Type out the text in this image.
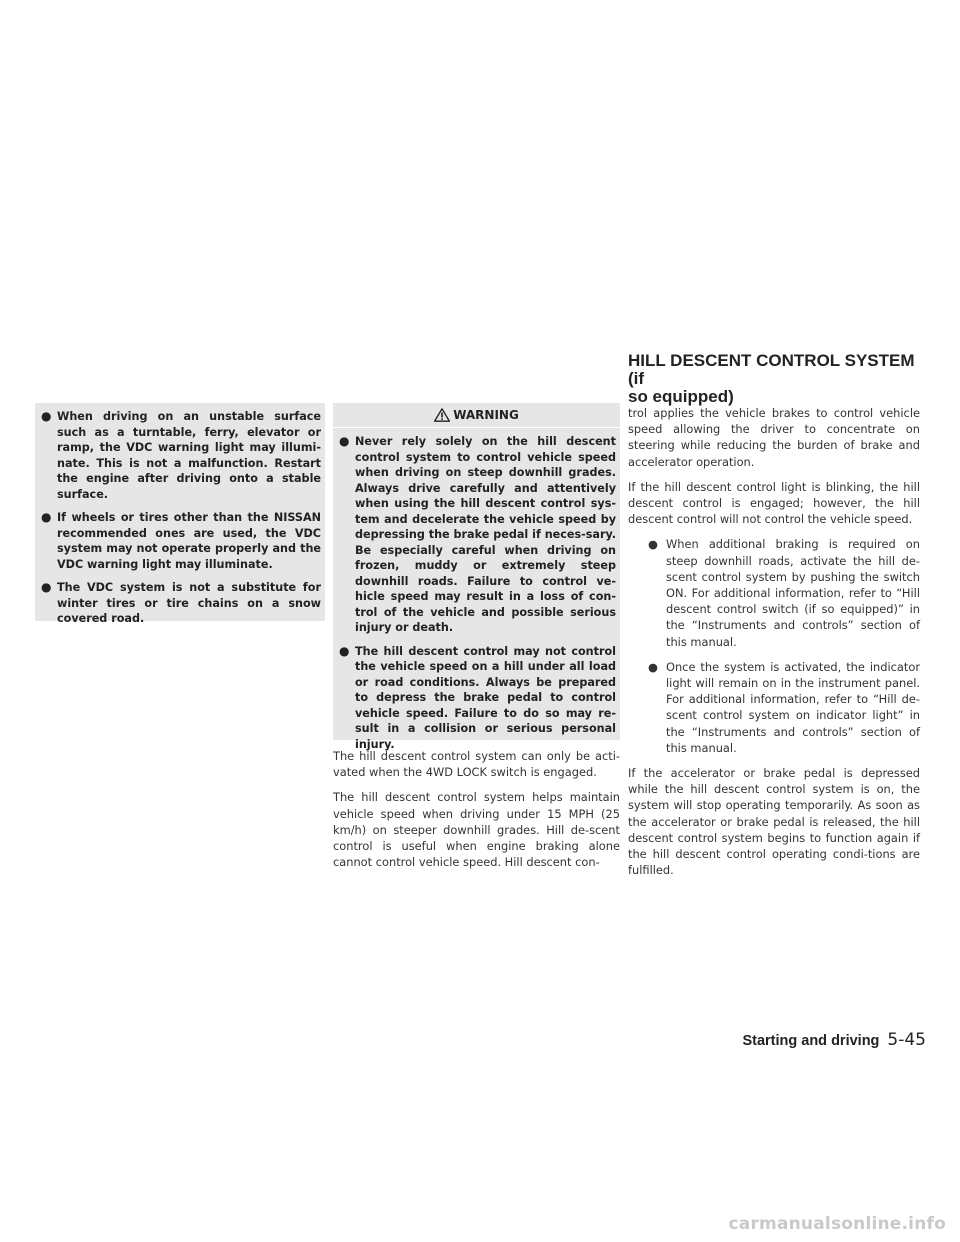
HILL DESCENT CONTROL SYSTEM (if
so equipped)

● When driving on an unstable surface such as a turntable, ferry, elevator or ramp, the VDC warning light may illumi-nate. This is not a malfunction. Restart the engine after driving onto a stable surface.

● If wheels or tires other than the NISSAN recommended ones are used, the VDC system may not operate properly and the VDC warning light may illuminate.

● The VDC system is not a substitute for winter tires or tire chains on a snow covered road.

WARNING

● Never rely solely on the hill descent control system to control vehicle speed when driving on steep downhill grades. Always drive carefully and attentively when using the hill descent control sys-tem and decelerate the vehicle speed by depressing the brake pedal if neces-sary. Be especially careful when driving on frozen, muddy or extremely steep downhill roads. Failure to control ve-hicle speed may result in a loss of con-trol of the vehicle and possible serious injury or death.

● The hill descent control may not control the vehicle speed on a hill under all load or road conditions. Always be prepared to depress the brake pedal to control vehicle speed. Failure to do so may re-sult in a collision or serious personal injury.

The hill descent control system can only be acti-vated when the 4WD LOCK switch is engaged.

The hill descent control system helps maintain vehicle speed when driving under 15 MPH (25 km/h) on steeper downhill grades. Hill de-scent control is useful when engine braking alone cannot control vehicle speed. Hill descent con-

trol applies the vehicle brakes to control vehicle speed allowing the driver to concentrate on steering while reducing the burden of brake and accelerator operation.

If the hill descent control light is blinking, the hill descent control is engaged; however, the hill descent control will not control the vehicle speed.

● When additional braking is required on steep downhill roads, activate the hill de-scent control system by pushing the switch ON. For additional information, refer to “Hill descent control switch (if so equipped)” in the “Instruments and controls” section of this manual.

● Once the system is activated, the indicator light will remain on in the instrument panel. For additional information, refer to “Hill de-scent control system on indicator light” in the “Instruments and controls” section of this manual.

If the accelerator or brake pedal is depressed while the hill descent control system is on, the system will stop operating temporarily. As soon as the accelerator or brake pedal is released, the hill descent control system begins to function again if the hill descent control operating condi-tions are fulfilled.

Starting and driving 5-45
carmanualsonline.info
